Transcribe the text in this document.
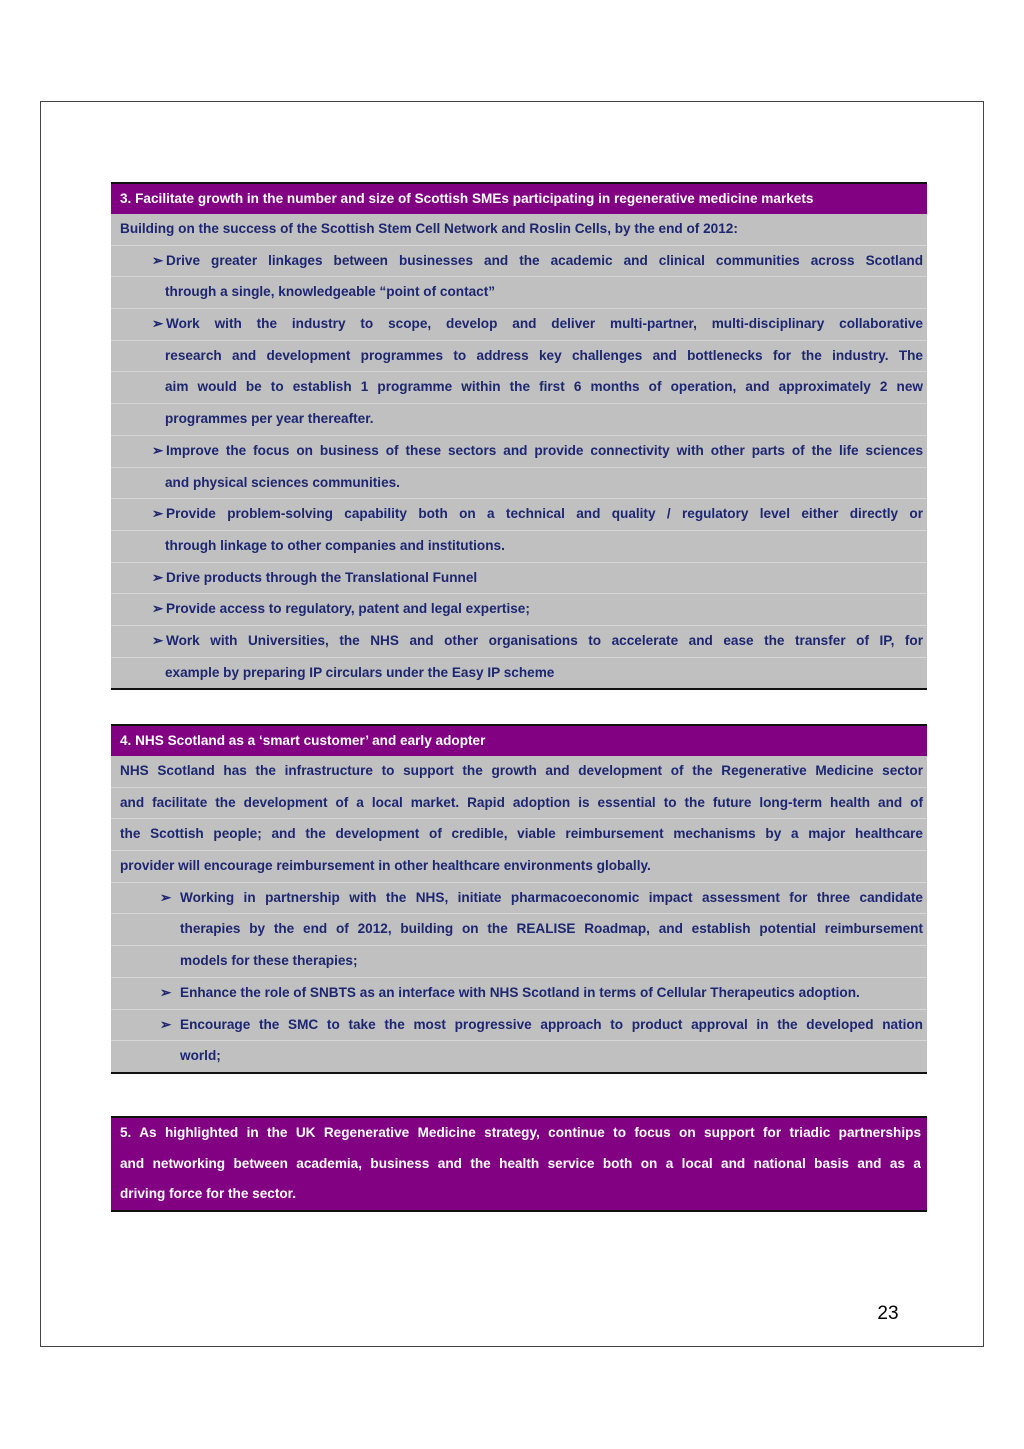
3. Facilitate growth in the number and size of Scottish SMEs participating in regenerative medicine markets
Building on the success of the Scottish Stem Cell Network and Roslin Cells, by the end of 2012:
➢ Drive greater linkages between businesses and the academic and clinical communities across Scotland
through a single, knowledgeable “point of contact”
➢ Work with the industry to scope, develop and deliver multi-partner, multi-disciplinary collaborative
research and development programmes to address key challenges and bottlenecks for the industry. The
aim would be to establish 1 programme within the first 6 months of operation, and approximately 2 new
programmes per year thereafter.
➢ Improve the focus on business of these sectors and provide connectivity with other parts of the life sciences
and physical sciences communities.
➢ Provide problem-solving capability both on a technical and quality / regulatory level either directly or
through linkage to other companies and institutions.
➢ Drive products through the Translational Funnel
➢ Provide access to regulatory, patent and legal expertise;
➢ Work with Universities, the NHS and other organisations to accelerate and ease the transfer of IP, for
example by preparing IP circulars under the Easy IP scheme
4. NHS Scotland as a ‘smart customer’ and early adopter
NHS Scotland has the infrastructure to support the growth and development of the Regenerative Medicine sector
and facilitate the development of a local market. Rapid adoption is essential to the future long-term health and of
the Scottish people; and the development of credible, viable reimbursement mechanisms by a major healthcare
provider will encourage reimbursement in other healthcare environments globally.
➢ Working in partnership with the NHS, initiate pharmacoeconomic impact assessment for three candidate
therapies by the end of 2012, building on the REALISE Roadmap, and establish potential reimbursement
models for these therapies;
➢ Enhance the role of SNBTS as an interface with NHS Scotland in terms of Cellular Therapeutics adoption.
➢ Encourage the SMC to take the most progressive approach to product approval in the developed nation
world;
5. As highlighted in the UK Regenerative Medicine strategy, continue to focus on support for triadic partnerships
and networking between academia, business and the health service both on a local and national basis and as a
driving force for the sector.
23
